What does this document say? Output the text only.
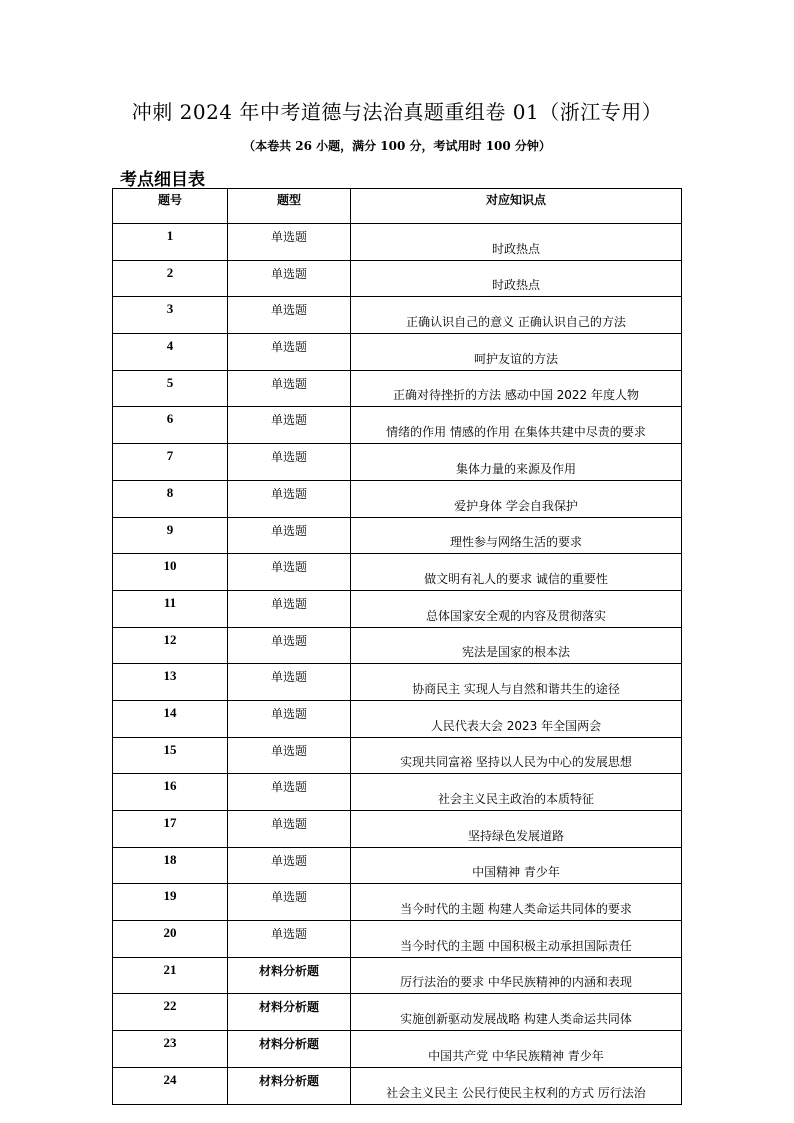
冲刺 2024 年中考道德与法治真题重组卷 01（浙江专用）
（本卷共 26 小题，满分 100 分，考试用时 100 分钟）
考点细目表
题号	题型	对应知识点
1	单选题	时政热点
2	单选题	时政热点
3	单选题	正确认识自己的意义 正确认识自己的方法
4	单选题	呵护友谊的方法
5	单选题	正确对待挫折的方法 感动中国 2022 年度人物
6	单选题	情绪的作用 情感的作用 在集体共建中尽责的要求
7	单选题	集体力量的来源及作用
8	单选题	爱护身体 学会自我保护
9	单选题	理性参与网络生活的要求
10	单选题	做文明有礼人的要求 诚信的重要性
11	单选题	总体国家安全观的内容及贯彻落实
12	单选题	宪法是国家的根本法
13	单选题	协商民主 实现人与自然和谐共生的途径
14	单选题	人民代表大会 2023 年全国两会
15	单选题	实现共同富裕 坚持以人民为中心的发展思想
16	单选题	社会主义民主政治的本质特征
17	单选题	坚持绿色发展道路
18	单选题	中国精神 青少年
19	单选题	当今时代的主题 构建人类命运共同体的要求
20	单选题	当今时代的主题 中国积极主动承担国际责任
21	材料分析题	厉行法治的要求 中华民族精神的内涵和表现
22	材料分析题	实施创新驱动发展战略 构建人类命运共同体
23	材料分析题	中国共产党 中华民族精神 青少年
24	材料分析题	社会主义民主 公民行使民主权利的方式 厉行法治
